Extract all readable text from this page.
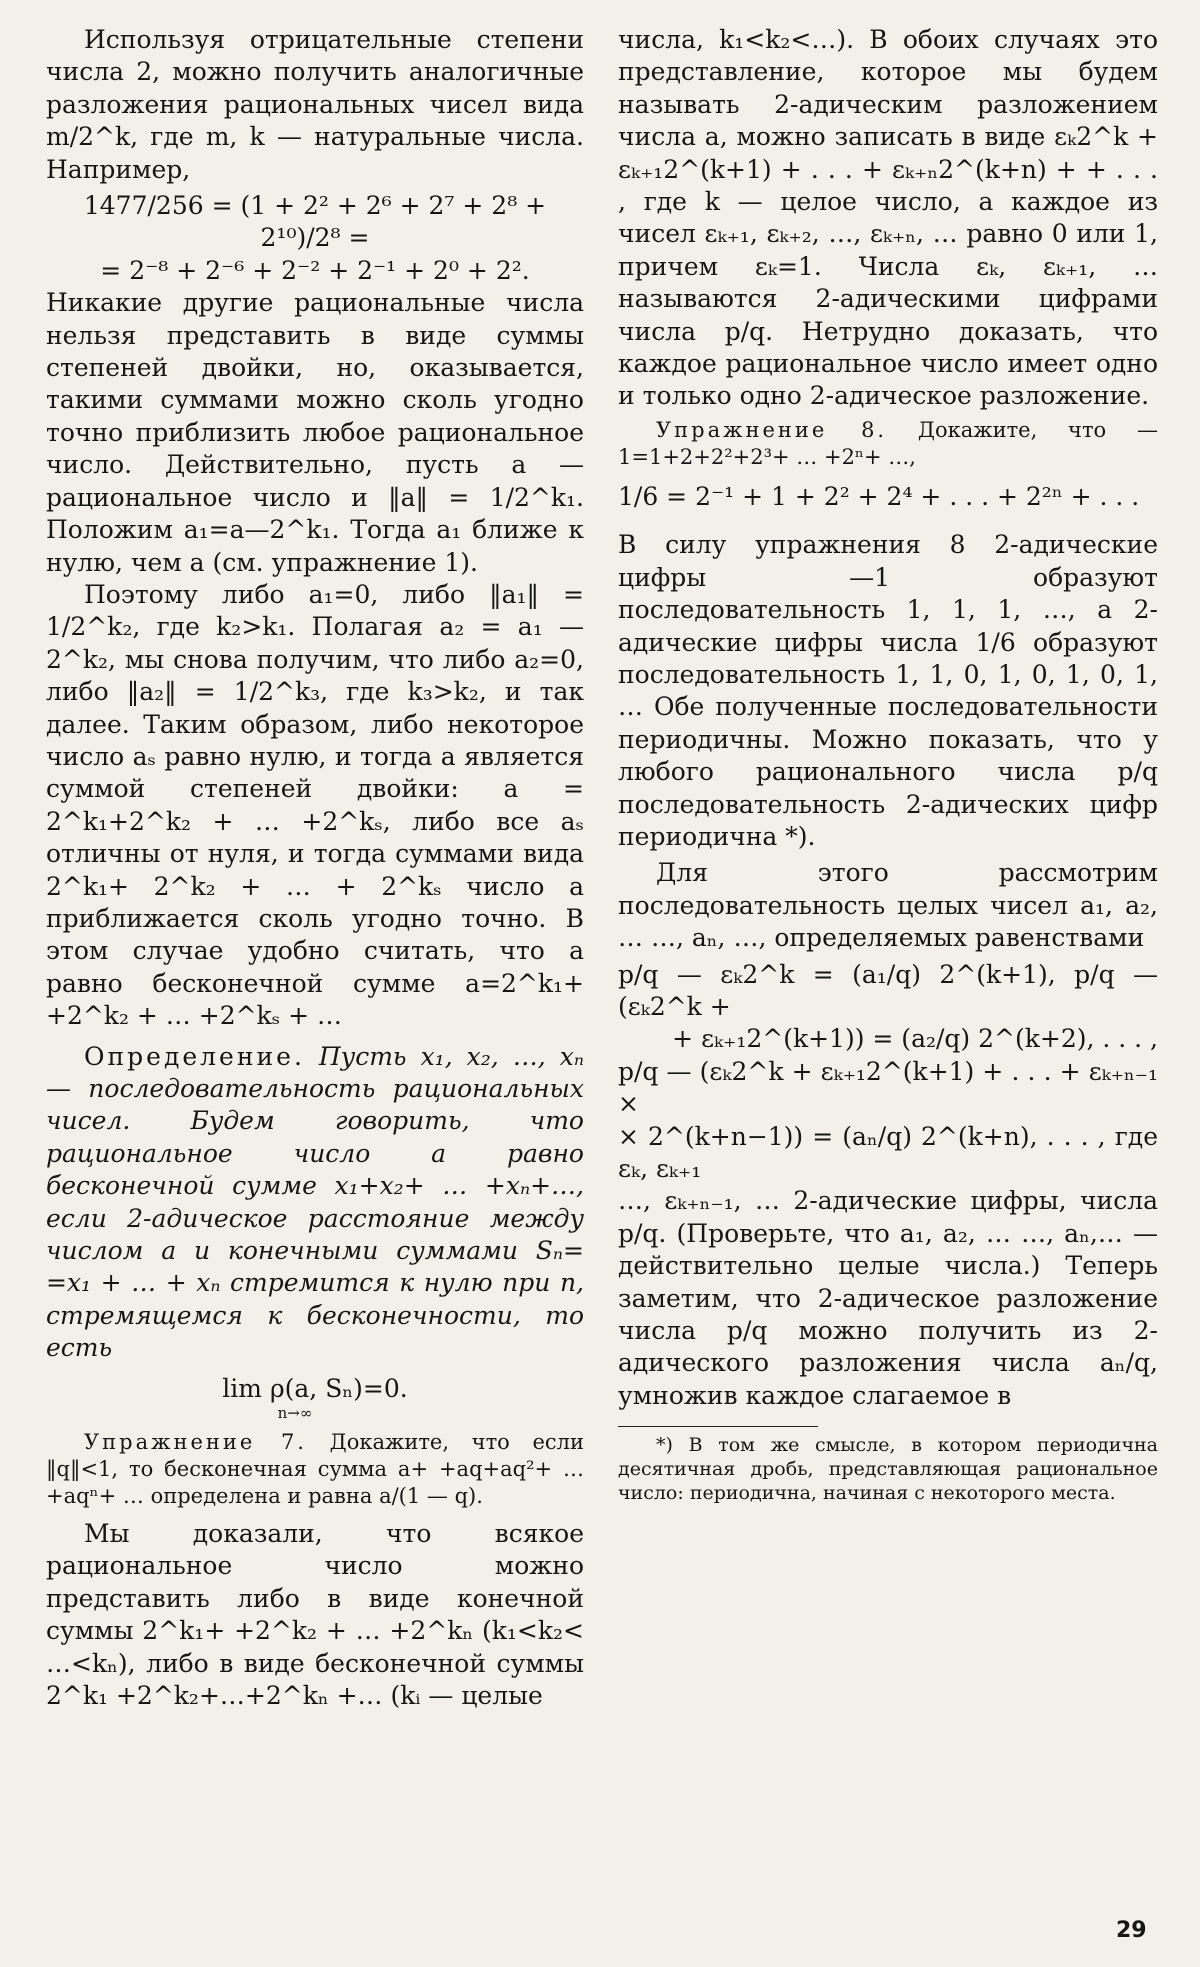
Используя отрицательные степени числа 2, можно получить аналогичные разложения рациональных чисел вида m/2^k, где m, k — натуральные числа. Например,

1477/256 = (1 + 2² + 2⁶ + 2⁷ + 2⁸ + 2¹⁰)/2⁸ =

= 2⁻⁸ + 2⁻⁶ + 2⁻² + 2⁻¹ + 2⁰ + 2².

Никакие другие рациональные числа нельзя представить в виде суммы степеней двойки, но, оказывается, такими суммами можно сколь угодно точно приблизить любое рациональное число. Действительно, пусть a — рациональное число и ‖a‖ = 1/2^k₁. Положим a₁=a—2^k₁. Тогда a₁ ближе к нулю, чем a (см. упражнение 1).

Поэтому либо a₁=0, либо ‖a₁‖ = 1/2^k₂, где k₂>k₁. Полагая a₂ = a₁ — 2^k₂, мы снова получим, что либо a₂=0, либо ‖a₂‖ = 1/2^k₃, где k₃>k₂, и так далее. Таким образом, либо некоторое число aₛ равно нулю, и тогда a является суммой степеней двойки: a = 2^k₁+2^k₂ + … +2^kₛ, либо все aₛ отличны от нуля, и тогда суммами вида 2^k₁+ 2^k₂ + … + 2^kₛ число a приближается сколь угодно точно. В этом случае удобно считать, что a равно бесконечной сумме a=2^k₁+ +2^k₂ + … +2^kₛ + …

Определение. Пусть x₁, x₂, …, xₙ — последовательность рациональных чисел. Будем говорить, что рациональное число a равно бесконечной сумме x₁+x₂+ … +xₙ+…, если 2-адическое расстояние между числом a и конечными суммами Sₙ= =x₁ + … + xₙ стремится к нулю при n, стремящемся к бесконечности, то есть

lim ρ(a, Sₙ)=0.
n→∞

Упражнение 7. Докажите, что если ‖q‖<1, то бесконечная сумма a+ +aq+aq²+ …+aqⁿ+ … определена и равна a/(1 — q).

Мы доказали, что всякое рациональное число можно представить либо в виде конечной суммы 2^k₁+ +2^k₂ + … +2^kₙ (k₁<k₂< …<kₙ), либо в виде бесконечной суммы 2^k₁ +2^k₂+…+2^kₙ +… (kᵢ — целые

числа, k₁<k₂<…). В обоих случаях это представление, которое мы будем называть 2-адическим разложением числа a, можно записать в виде εₖ2^k + εₖ₊₁2^(k+1) + . . . + εₖ₊ₙ2^(k+n) + + . . . , где k — целое число, а каждое из чисел εₖ₊₁, εₖ₊₂, …, εₖ₊ₙ, … равно 0 или 1, причем εₖ=1. Числа εₖ, εₖ₊₁, … называются 2-адическими цифрами числа p/q. Нетрудно доказать, что каждое рациональное число имеет одно и только одно 2-адическое разложение.

Упражнение 8. Докажите, что —1=1+2+2²+2³+ … +2ⁿ+ …,

1/6 = 2⁻¹ + 1 + 2² + 2⁴ + . . . + 2²ⁿ + . . .

В силу упражнения 8 2-адические цифры —1 образуют последовательность 1, 1, 1, …, а 2-адические цифры числа 1/6 образуют последовательность 1, 1, 0, 1, 0, 1, 0, 1, … Обе полученные последовательности периодичны. Можно показать, что у любого рационального числа p/q последовательность 2-адических цифр периодична *).

Для этого рассмотрим последовательность целых чисел a₁, a₂, … …, aₙ, …, определяемых равенствами

p/q — εₖ2^k = (a₁/q) 2^(k+1), p/q — (εₖ2^k +

+ εₖ₊₁2^(k+1)) = (a₂/q) 2^(k+2), . . . ,

p/q — (εₖ2^k + εₖ₊₁2^(k+1) + . . . + εₖ₊ₙ₋₁ ×

× 2^(k+n−1)) = (aₙ/q) 2^(k+n), . . . , где εₖ, εₖ₊₁

…, εₖ₊ₙ₋₁, … 2-адические цифры, числа p/q. (Проверьте, что a₁, a₂, … …, aₙ,… — действительно целые числа.) Теперь заметим, что 2-адическое разложение числа p/q можно получить из 2-адического разложения числа aₙ/q, умножив каждое слагаемое в

*) В том же смысле, в котором периодична десятичная дробь, представляющая рациональное число: периодична, начиная с некоторого места.

29
